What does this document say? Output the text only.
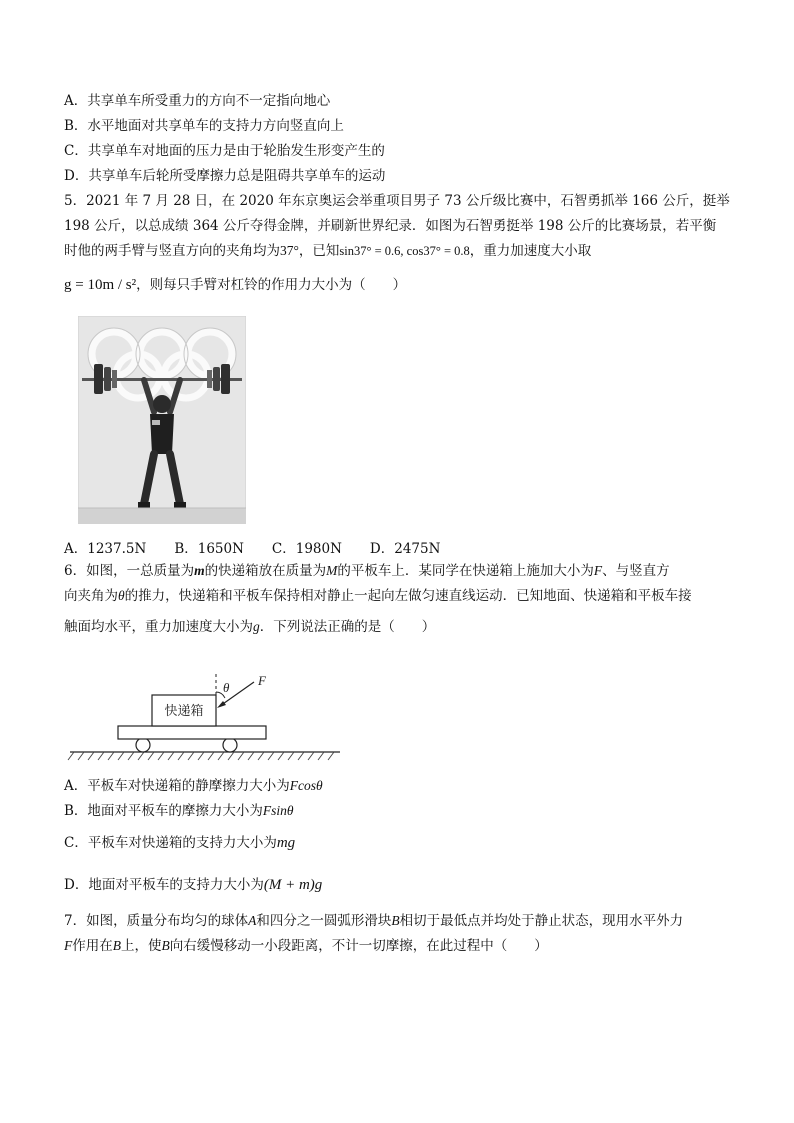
A．共享单车所受重力的方向不一定指向地心
B．水平地面对共享单车的支持力方向竖直向上
C．共享单车对地面的压力是由于轮胎发生形变产生的
D．共享单车后轮所受摩擦力总是阻碍共享单车的运动
5．2021 年 7 月 28 日，在 2020 年东京奥运会举重项目男子 73 公斤级比赛中，石智勇抓举 166 公斤，挺举
198 公斤，以总成绩 364 公斤夺得金牌，并刷新世界纪录．如图为石智勇挺举 198 公斤的比赛场景，若平衡
时他的两手臂与竖直方向的夹角均为37°，已知sin37° = 0.6, cos37° = 0.8，重力加速度大小取
g = 10m / s²，则每只手臂对杠铃的作用力大小为（　　）
A．1237.5N B．1650N C．1980N D．2475N
6．如图，一总质量为m的快递箱放在质量为M的平板车上．某同学在快递箱上施加大小为F、与竖直方
向夹角为θ的推力，快递箱和平板车保持相对静止一起向左做匀速直线运动．已知地面、快递箱和平板车接
触面均水平，重力加速度大小为g．下列说法正确的是（　　）
快递箱
θ F
A．平板车对快递箱的静摩擦力大小为Fcosθ
B．地面对平板车的摩擦力大小为Fsinθ
C．平板车对快递箱的支持力大小为mg
D．地面对平板车的支持力大小为(M + m)g
7．如图，质量分布均匀的球体A和四分之一圆弧形滑块B相切于最低点并均处于静止状态，现用水平外力
F作用在B上，使B向右缓慢移动一小段距离，不计一切摩擦，在此过程中（　　）
